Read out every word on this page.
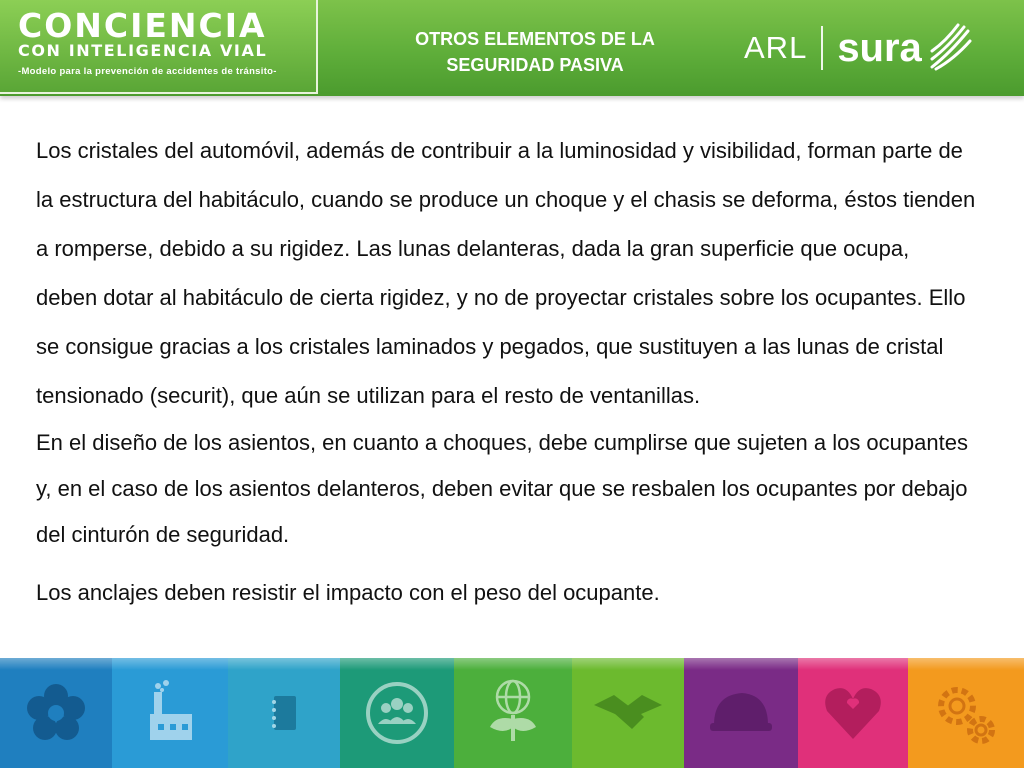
CONCIENCIA
CON INTELIGENCIA VIAL
-Modelo para la prevención de accidentes de tránsito-
OTROS ELEMENTOS DE LA
SEGURIDAD PASIVA	ARL sura

Los cristales del automóvil, además de contribuir a la luminosidad y visibilidad, forman parte de la estructura del habitáculo, cuando se produce un choque y el chasis se deforma, éstos tienden a romperse, debido a su rigidez. Las lunas delanteras, dada la gran superficie que ocupa, deben dotar al habitáculo de cierta rigidez, y no de proyectar cristales sobre los ocupantes. Ello se consigue gracias a los cristales laminados y pegados, que sustituyen a las lunas de cristal tensionado (securit), que aún se utilizan para el resto de ventanillas.

En el diseño de los asientos, en cuanto a choques, debe cumplirse que sujeten a los ocupantes y, en el caso de los asientos delanteros, deben evitar que se resbalen los ocupantes por debajo del cinturón de seguridad.

Los anclajes deben resistir el impacto con el peso del ocupante.
